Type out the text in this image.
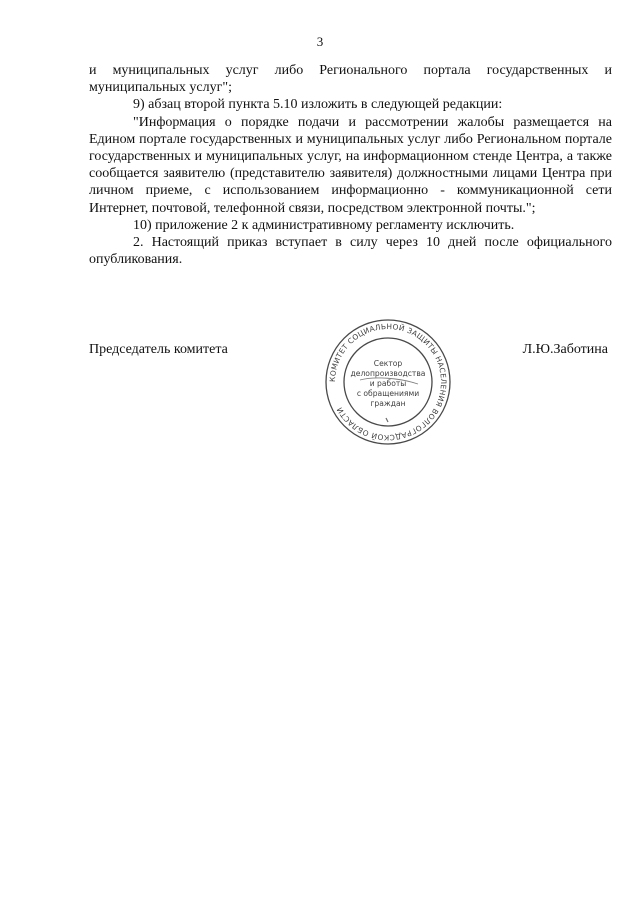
3

и муниципальных услуг либо Регионального портала государственных и муниципальных услуг";

9) абзац второй пункта 5.10 изложить в следующей редакции:

"Информация о порядке подачи и рассмотрении жалобы размещается на Едином портале государственных и муниципальных услуг либо Региональном портале государственных и муниципальных услуг, на информационном стенде Центра, а также сообщается заявителю (представителю заявителя) должностными лицами Центра при личном приеме, с использованием информационно - коммуникационной сети Интернет, почтовой, телефонной связи, посредством электронной почты.";

10) приложение 2 к административному регламенту исключить.

2. Настоящий приказ вступает в силу через 10 дней после официального опубликования.

Председатель комитета	Л.Ю.Заботина
КОМИТЕТ СОЦИАЛЬНОЙ ЗАЩИТЫ НАСЕЛЕНИЯ ВОЛГОГРАДСКОЙ ОБЛАСТИ
Сектор
делопроизводства
и работы
с обращениями
граждан
